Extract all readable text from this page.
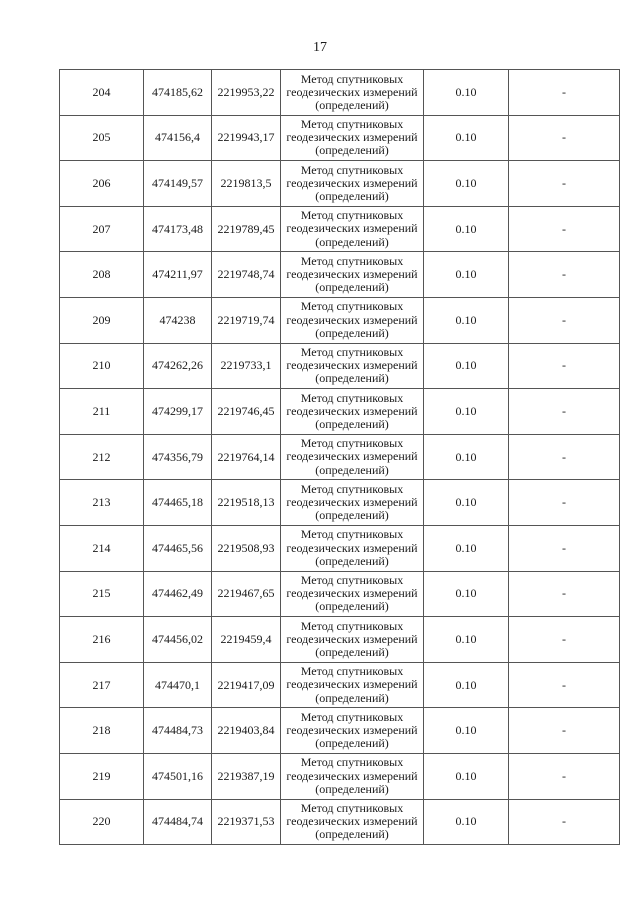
17
204	474185,62	2219953,22	Метод спутниковых
геодезических измерений
(определений)	0.10	-
205	474156,4	2219943,17	Метод спутниковых
геодезических измерений
(определений)	0.10	-
206	474149,57	2219813,5	Метод спутниковых
геодезических измерений
(определений)	0.10	-
207	474173,48	2219789,45	Метод спутниковых
геодезических измерений
(определений)	0.10	-
208	474211,97	2219748,74	Метод спутниковых
геодезических измерений
(определений)	0.10	-
209	474238	2219719,74	Метод спутниковых
геодезических измерений
(определений)	0.10	-
210	474262,26	2219733,1	Метод спутниковых
геодезических измерений
(определений)	0.10	-
211	474299,17	2219746,45	Метод спутниковых
геодезических измерений
(определений)	0.10	-
212	474356,79	2219764,14	Метод спутниковых
геодезических измерений
(определений)	0.10	-
213	474465,18	2219518,13	Метод спутниковых
геодезических измерений
(определений)	0.10	-
214	474465,56	2219508,93	Метод спутниковых
геодезических измерений
(определений)	0.10	-
215	474462,49	2219467,65	Метод спутниковых
геодезических измерений
(определений)	0.10	-
216	474456,02	2219459,4	Метод спутниковых
геодезических измерений
(определений)	0.10	-
217	474470,1	2219417,09	Метод спутниковых
геодезических измерений
(определений)	0.10	-
218	474484,73	2219403,84	Метод спутниковых
геодезических измерений
(определений)	0.10	-
219	474501,16	2219387,19	Метод спутниковых
геодезических измерений
(определений)	0.10	-
220	474484,74	2219371,53	Метод спутниковых
геодезических измерений
(определений)	0.10	-
